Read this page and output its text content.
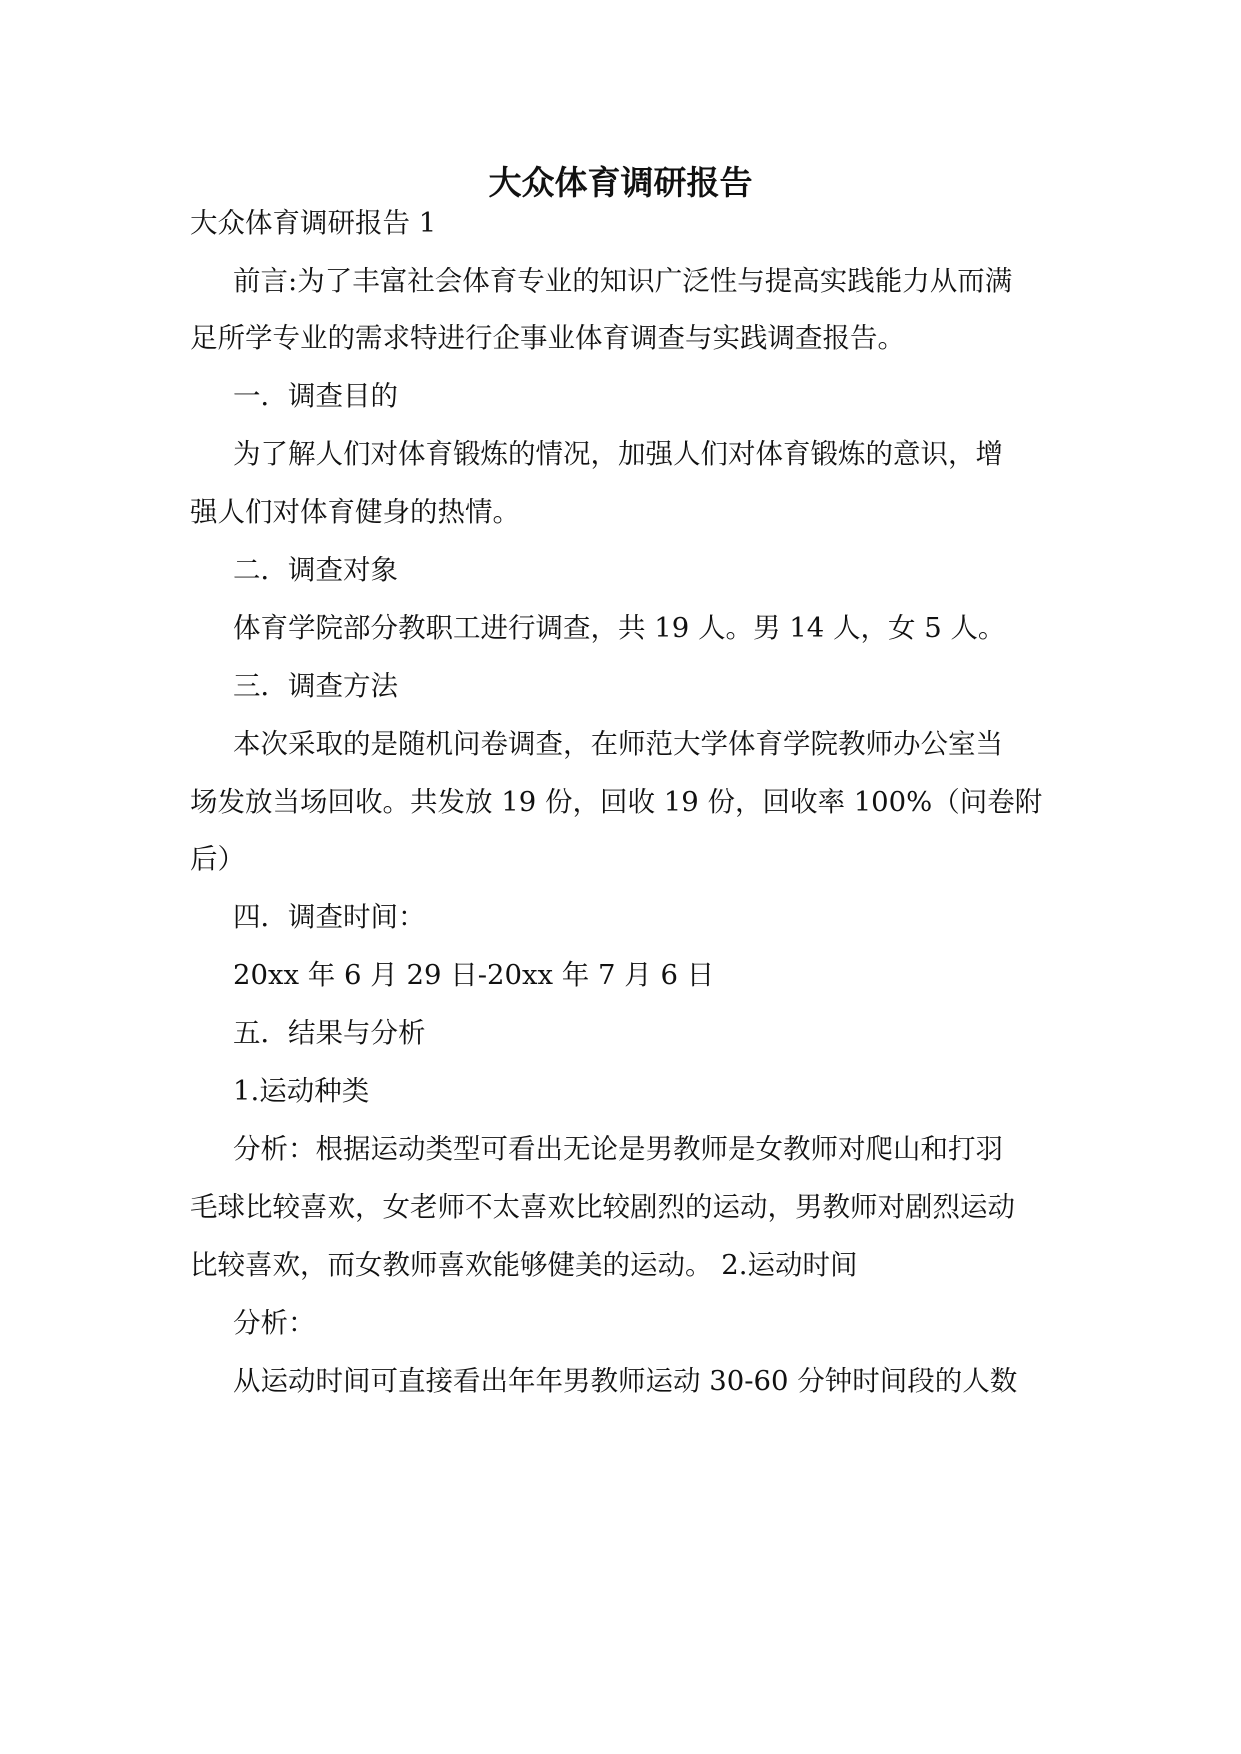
大众体育调研报告

大众体育调研报告 1

前言:为了丰富社会体育专业的知识广泛性与提高实践能力从而满

足所学专业的需求特进行企事业体育调查与实践调查报告。

一．调查目的

为了解人们对体育锻炼的情况，加强人们对体育锻炼的意识，增

强人们对体育健身的热情。

二．调查对象

体育学院部分教职工进行调查，共 19 人。男 14 人，女 5 人。

三．调查方法

本次采取的是随机问卷调查，在师范大学体育学院教师办公室当

场发放当场回收。共发放 19 份，回收 19 份，回收率 100%（问卷附

后）

四．调查时间：

20xx 年 6 月 29 日-20xx 年 7 月 6 日

五．结果与分析

1.运动种类

分析：根据运动类型可看出无论是男教师是女教师对爬山和打羽

毛球比较喜欢，女老师不太喜欢比较剧烈的运动，男教师对剧烈运动

比较喜欢，而女教师喜欢能够健美的运动。 2.运动时间

分析：

从运动时间可直接看出年年男教师运动 30-60 分钟时间段的人数
